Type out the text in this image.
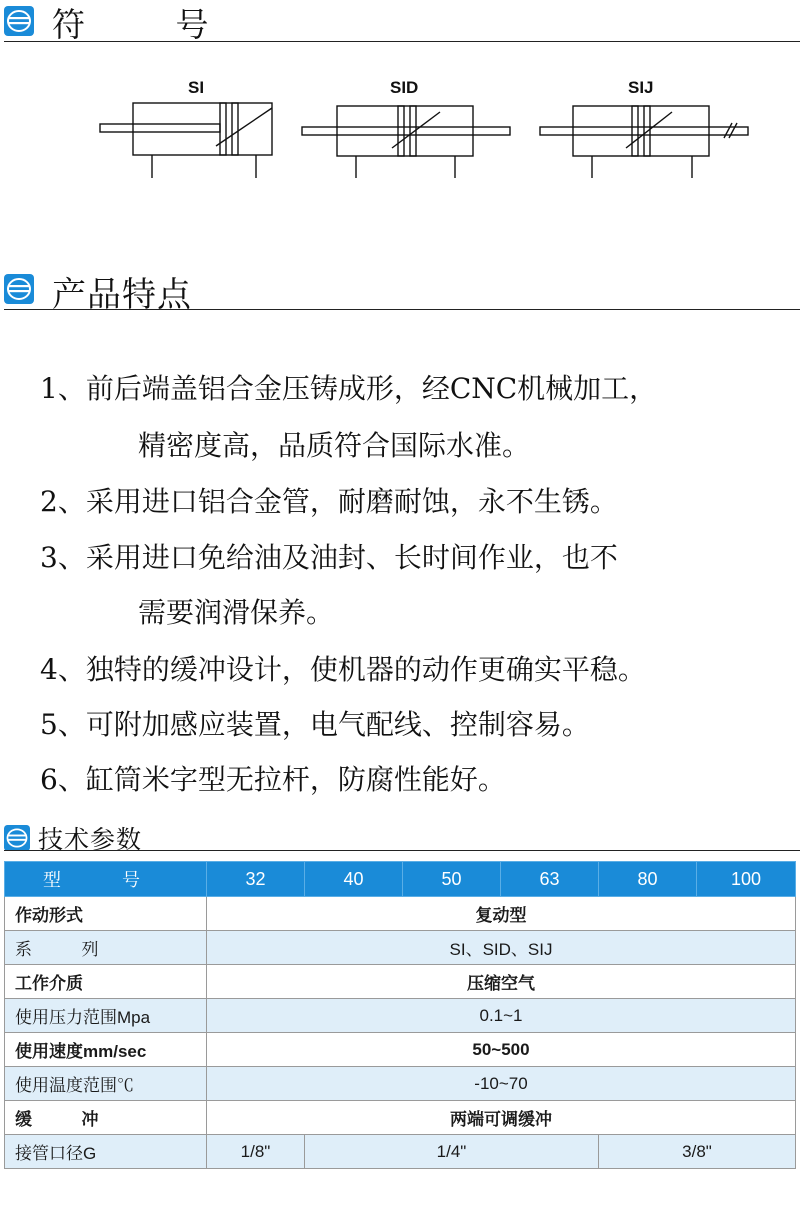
符 号
SI	SID	SIJ
产品特点
1、前后端盖铝合金压铸成形，经CNC机械加工，
精密度高，品质符合国际水准。
2、采用进口铝合金管，耐磨耐蚀，永不生锈。
3、采用进口免给油及油封、长时间作业，也不
需要润滑保养。
4、独特的缓冲设计，使机器的动作更确实平稳。
5、可附加感应装置，电气配线、控制容易。
6、缸筒米字型无拉杆，防腐性能好。
技术参数
型 号	32	40	50	63	80	100
作动形式	复动型					
系  列	SI、SID、SIJ					
工作介质	压缩空气					
使用压力范围Mpa	0.1~1					
使用速度mm/sec	50~500					
使用温度范围℃	-10~70					
缓  冲	两端可调缓冲					
接管口径G	1/8"	1/4"			3/8"	
